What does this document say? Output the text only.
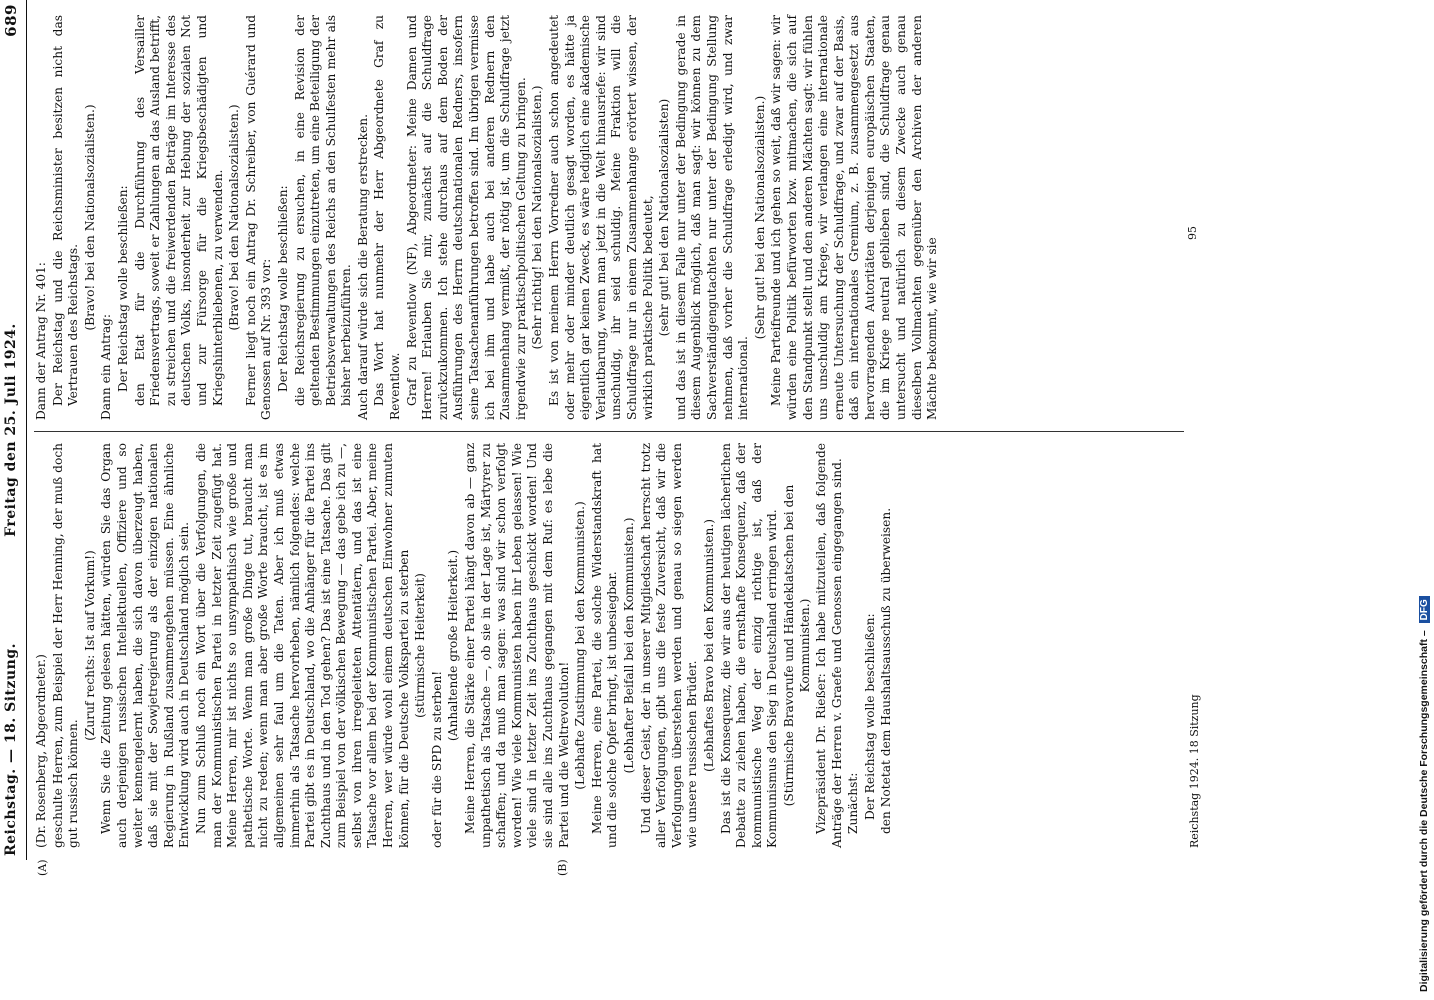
Reichstag. — 18. Sitzung.
Freitag den 25. Juli 1924.
689
(A)	(B)

(Dr. Rosenberg, Abgeordneter.) geschulte Herren, zum Beispiel der Herr Henning, der muß doch gut russisch können.

(Zuruf rechts: Ist auf Vorkum!) Wenn Sie die Zeitung gelesen hätten, würden Sie das Organ auch derjenigen russischen Intellektuellen, Offiziere und so weiter kennengelernt haben, die sich davon überzeugt haben, daß sie mit der Sowjetregierung als der einzigen nationalen Regierung in Rußland zusammengehen müssen. Eine ähnliche Entwicklung wird auch in Deutschland möglich sein. Nun zum Schluß noch ein Wort über die Verfolgungen, die man der Kommunistischen Partei in letzter Zeit zugefügt hat. Meine Herren, mir ist nichts so unsympathisch wie große und pathetische Worte. Wenn man große Dinge tut, braucht man nicht zu reden; wenn man aber große Worte braucht, ist es im allgemeinen sehr faul um die Taten. Aber ich muß etwas immerhin als Tatsache hervorheben, nämlich folgendes: welche Partei gibt es in Deutschland, wo die Anhänger für die Partei ins Zuchthaus und in den Tod gehen? Das ist eine Tatsache. Das gilt zum Beispiel von der völkischen Bewegung — das gebe ich zu —, selbst von ihren irregeleiteten Attentätern, und das ist eine Tatsache vor allem bei der Kommunistischen Partei. Aber, meine Herren, wer würde wohl einem deutschen Einwohner zumuten können, für die Deutsche Volkspartei zu sterben (stürmische Heiterkeit)

oder für die SPD zu sterben!

(Anhaltende große Heiterkeit.) Meine Herren, die Stärke einer Partei hängt davon ab — ganz unpathetisch als Tatsache —, ob sie in der Lage ist, Märtyrer zu schaffen; und da muß man sagen: was sind wir schon verfolgt worden! Wie viele Kommunisten haben ihr Leben gelassen! Wie viele sind in letzter Zeit ins Zuchthaus geschickt worden! Und sie sind alle ins Zuchthaus gegangen mit dem Ruf: es lebe die Partei und die Weltrevolution! (Lebhafte Zustimmung bei den Kommunisten.) Meine Herren, eine Partei, die solche Widerstandskraft hat und die solche Opfer bringt, ist unbesiegbar. (Lebhafter Beifall bei den Kommunisten.) Und dieser Geist, der in unserer Mitgliedschaft herrscht trotz aller Verfolgungen, gibt uns die feste Zuversicht, daß wir die Verfolgungen überstehen werden und genau so siegen werden wie unsere russischen Brüder. (Lebhaftes Bravo bei den Kommunisten.) Das ist die Konsequenz, die wir aus der heutigen lächerlichen Debatte zu ziehen haben, die ernsthafte Konsequenz, daß der kommunistische Weg der einzig richtige ist, daß der Kommunismus den Sieg in Deutschland erringen wird. (Stürmische Bravorufe und Händeklatschen bei den Kommunisten.) Vizepräsident Dr. Rießer: Ich habe mitzuteilen, daß folgende Anträge der Herren v. Graefe und Genossen eingegangen sind. Zunächst: Der Reichstag wolle beschließen: den Notetat dem Haushaltsausschuß zu überweisen.

Dann der Antrag Nr. 401: Der Reichstag und die Reichsminister besitzen nicht das Vertrauen des Reichstags. (Bravo! bei den Nationalsozialisten.)

Dann ein Antrag: Der Reichstag wolle beschließen: den Etat für die Durchführung des Versailler Friedensvertrags, soweit er Zahlungen an das Ausland betrifft, zu streichen und die freiwerdenden Beträge im Interesse des deutschen Volks, insonderheit zur Hebung der sozialen Not und zur Fürsorge für die Kriegsbeschädigten und Kriegshinterbliebenen, zu verwenden. (Bravo! bei den Nationalsozialisten.) Ferner liegt noch ein Antrag Dr. Schreiber, von Guérard und Genossen auf Nr. 393 vor: Der Reichstag wolle beschließen: die Reichsregierung zu ersuchen, in eine Revision der geltenden Bestimmungen einzutreten, um eine Beteiligung der Betriebsverwaltungen des Reichs an den Schulfesten mehr als bisher herbeizuführen. Auch darauf würde sich die Beratung erstrecken. Das Wort hat nunmehr der Herr Abgeordnete Graf zu Reventlow. Graf zu Reventlow (NF), Abgeordneter: Meine Damen und Herren! Erlauben Sie mir, zunächst auf die Schuldfrage zurückzukommen. Ich stehe durchaus auf dem Boden der Ausführungen des Herrn deutschnationalen Redners, insofern seine Tatsachenanführungen betroffen sind. Im übrigen vermisse ich bei ihm und habe auch bei anderen Rednern den Zusammenhang vermißt, der nötig ist, um die Schuldfrage jetzt irgendwie zur praktischpolitischen Geltung zu bringen. (Sehr richtig! bei den Nationalsozialisten.) Es ist von meinem Herrn Vorredner auch schon angedeutet oder mehr oder minder deutlich gesagt worden, es hätte ja eigentlich gar keinen Zweck, es wäre lediglich eine akademische Verlautbarung, wenn man jetzt in die Welt hinausriefe: wir sind unschuldig, ihr seid schuldig. Meine Fraktion will die Schuldfrage nur in einem Zusammenhange erörtert wissen, der wirklich praktische Politik bedeutet, (sehr gut! bei den Nationalsozialisten) und das ist in diesem Falle nur unter der Bedingung gerade in diesem Augenblick möglich, daß man sagt: wir können zu dem Sachverständigengutachten nur unter der Bedingung Stellung nehmen, daß vorher die Schuldfrage erledigt wird, und zwar international.

(Sehr gut! bei den Nationalsozialisten.) Meine Parteifreunde und ich gehen so weit, daß wir sagen: wir würden eine Politik befürworten bzw. mitmachen, die sich auf den Standpunkt stellt und den anderen Mächten sagt: wir fühlen uns unschuldig am Kriege, wir verlangen eine internationale erneute Untersuchung der Schuldfrage, und zwar auf der Basis, daß ein internationales Gremium, z. B. zusammengesetzt aus hervorragenden Autoritäten derjenigen europäischen Staaten, die im Kriege neutral geblieben sind, die Schuldfrage genau untersucht und natürlich zu diesem Zwecke auch genau dieselben Vollmachten gegenüber den Archiven der anderen Mächte bekommt, wie wir sie

Reichstag 1924. 18 Sitzung
95
Digitalisierung gefördert durch die Deutsche Forschungsgemeinschaft – DFG
